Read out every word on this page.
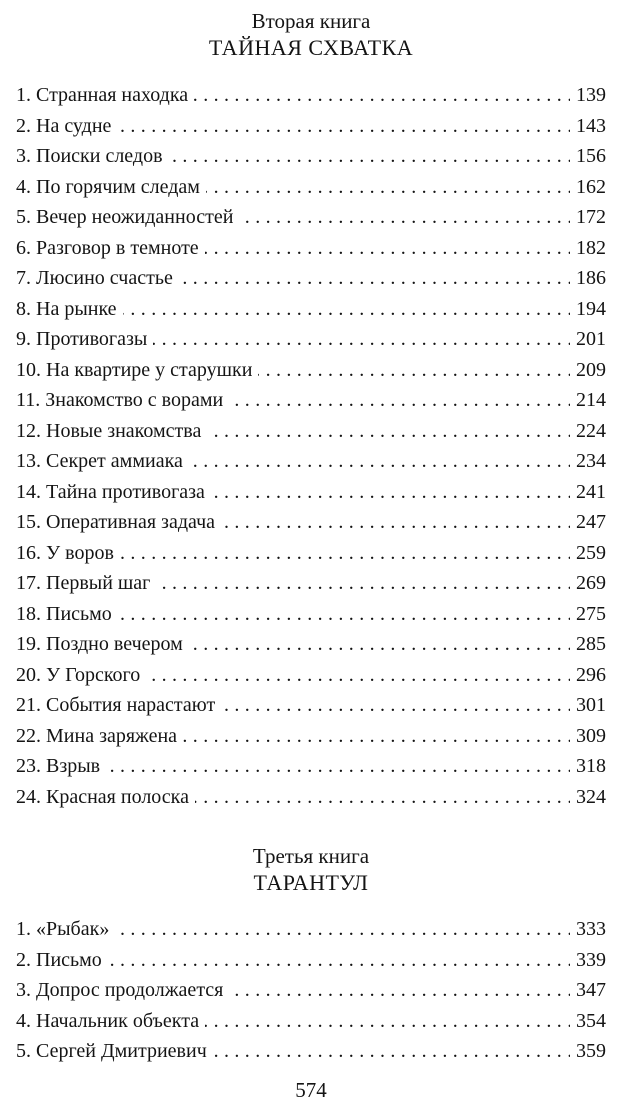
Вторая книга
ТАЙНАЯ СХВАТКА
1. Странная находка	139
. . .
2. На судне	143
. . .
3. Поиски следов	156
. . .
4. По горячим следам	162
. . .
5. Вечер неожиданностей	172
. . .
6. Разговор в темноте	182
. . .
7. Люсино счастье	186
. . .
8. На рынке	194
. . .
9. Противогазы	201
. . .
10. На квартире у старушки	209
. . .
11. Знакомство с ворами	214
. . .
12. Новые знакомства	224
. . .
13. Секрет аммиака	234
. . .
14. Тайна противогаза	241
. . .
15. Оперативная задача	247
. . .
16. У воров	259
. . .
17. Первый шаг	269
. . .
18. Письмо	275
. . .
19. Поздно вечером	285
. . .
20. У Горского	296
. . .
21. События нарастают	301
. . .
22. Мина заряжена	309
. . .
23. Взрыв	318
. . .
24. Красная полоска	324
. . .
Третья книга
ТАРАНТУЛ
1. «Рыбак»	333
. . .
2. Письмо	339
. . .
3. Допрос продолжается	347
. . .
4. Начальник объекта	354
. . .
5. Сергей Дмитриевич	359
. . .
574
